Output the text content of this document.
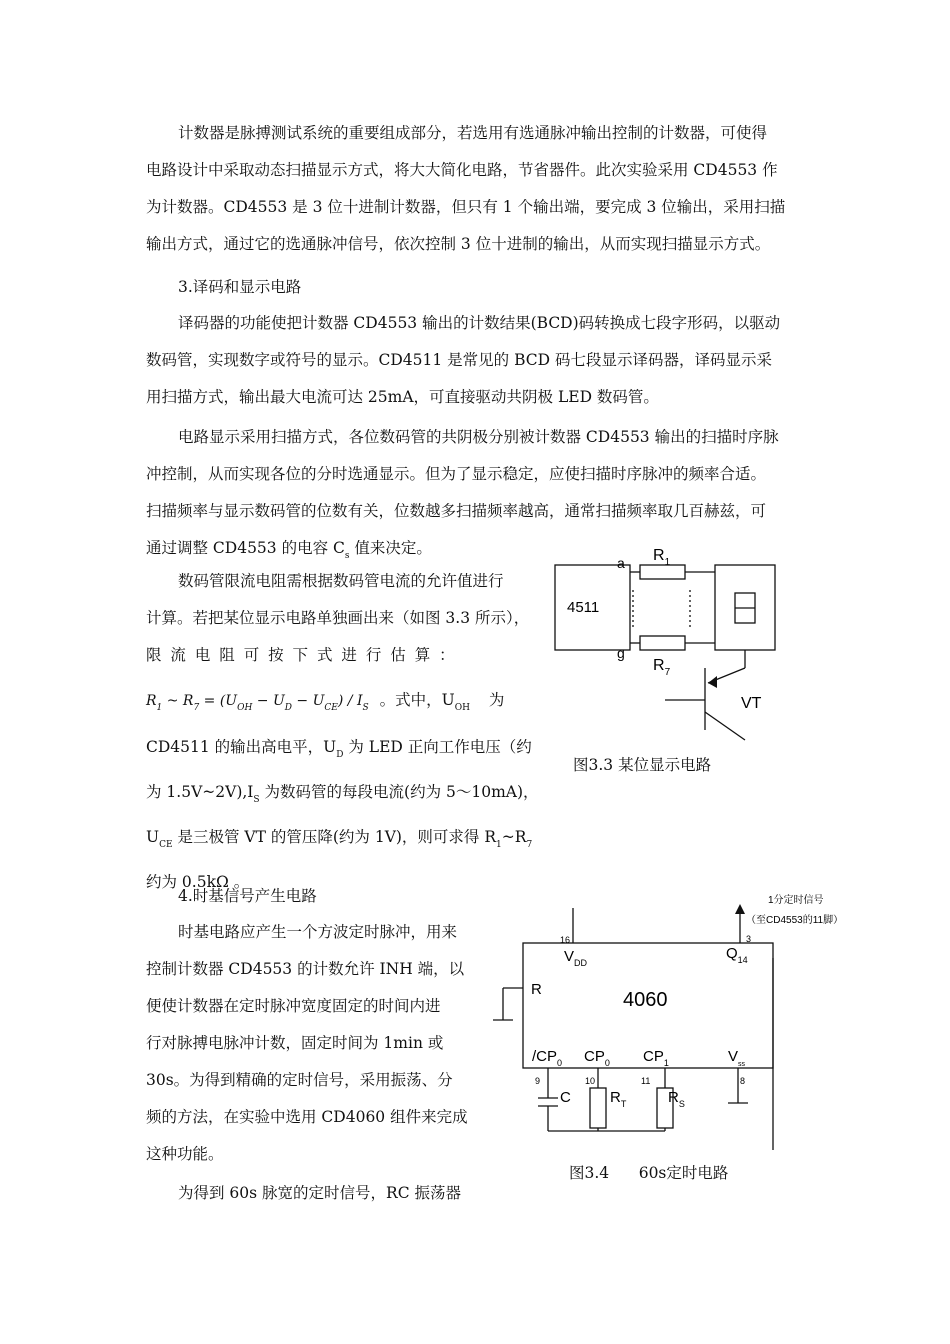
计数器是脉搏测试系统的重要组成部分，若选用有选通脉冲输出控制的计数器，可使得
电路设计中采取动态扫描显示方式，将大大简化电路，节省器件。此次实验采用 CD4553 作
为计数器。CD4553 是 3 位十进制计数器，但只有 1 个输出端，要完成 3 位输出，采用扫描
输出方式，通过它的选通脉冲信号，依次控制 3 位十进制的输出，从而实现扫描显示方式。
3.译码和显示电路
译码器的功能使把计数器 CD4553 输出的计数结果(BCD)码转换成七段字形码，以驱动
数码管，实现数字或符号的显示。CD4511 是常见的 BCD 码七段显示译码器，译码显示采
用扫描方式，输出最大电流可达 25mA，可直接驱动共阴极 LED 数码管。
电路显示采用扫描方式，各位数码管的共阴极分别被计数器 CD4553 输出的扫描时序脉
冲控制，从而实现各位的分时选通显示。但为了显示稳定，应使扫描时序脉冲的频率合适。
扫描频率与显示数码管的位数有关，位数越多扫描频率越高，通常扫描频率取几百赫兹，可
通过调整 CD4553 的电容 $C_s$ 值来决定。
数码管限流电阻需根据数码管电流的允许值进行
计算。若把某位显示电路单独画出来（如图 3.3 所示），
限 流 电 阻 可 按 下 式 进 行 估 算 ：
$R_1$ ~ $R_7 = (U_{OH} - U_D - U_{CE}) / I_S$ 。式中，$U_{OH}$ 为
CD4511 的输出高电平，$U_D$ 为 LED 正向工作电压（约
为 $1.5V\sim 2V),I_S$ 为数码管的每段电流(约为 5～10mA)，
$U_{CE}$ 是三极管 VT 的管压降(约为 1V)，则可求得 $R_1\sim R_7$
约为 0.5kΩ 。
4.时基信号产生电路
时基电路应产生一个方波定时脉冲，用来
控制计数器 CD4553 的计数允许 INH 端，以
便使计数器在定时脉冲宽度固定的时间内进
行对脉搏电脉冲计数，固定时间为 1min 或
30s。为得到精确的定时信号，采用振荡、分
频的方法，在实验中选用 CD4060 组件来完成
这种功能。
为得到 60s 脉宽的定时信号，RC 振荡器
4511
a
g
$R_1$
$R_7$
VT
图3.3 某位显示电路
1分定时信号
（至CD4553的11脚）
16	3
$V_{DD}$
$Q_{14}$
R	4060
$/CP_0$ $CP_0$ $CP_1$	$V_{ss}$
9	10	11	8
C	$R_T$	$R_S$
图3.4      60s定时电路
